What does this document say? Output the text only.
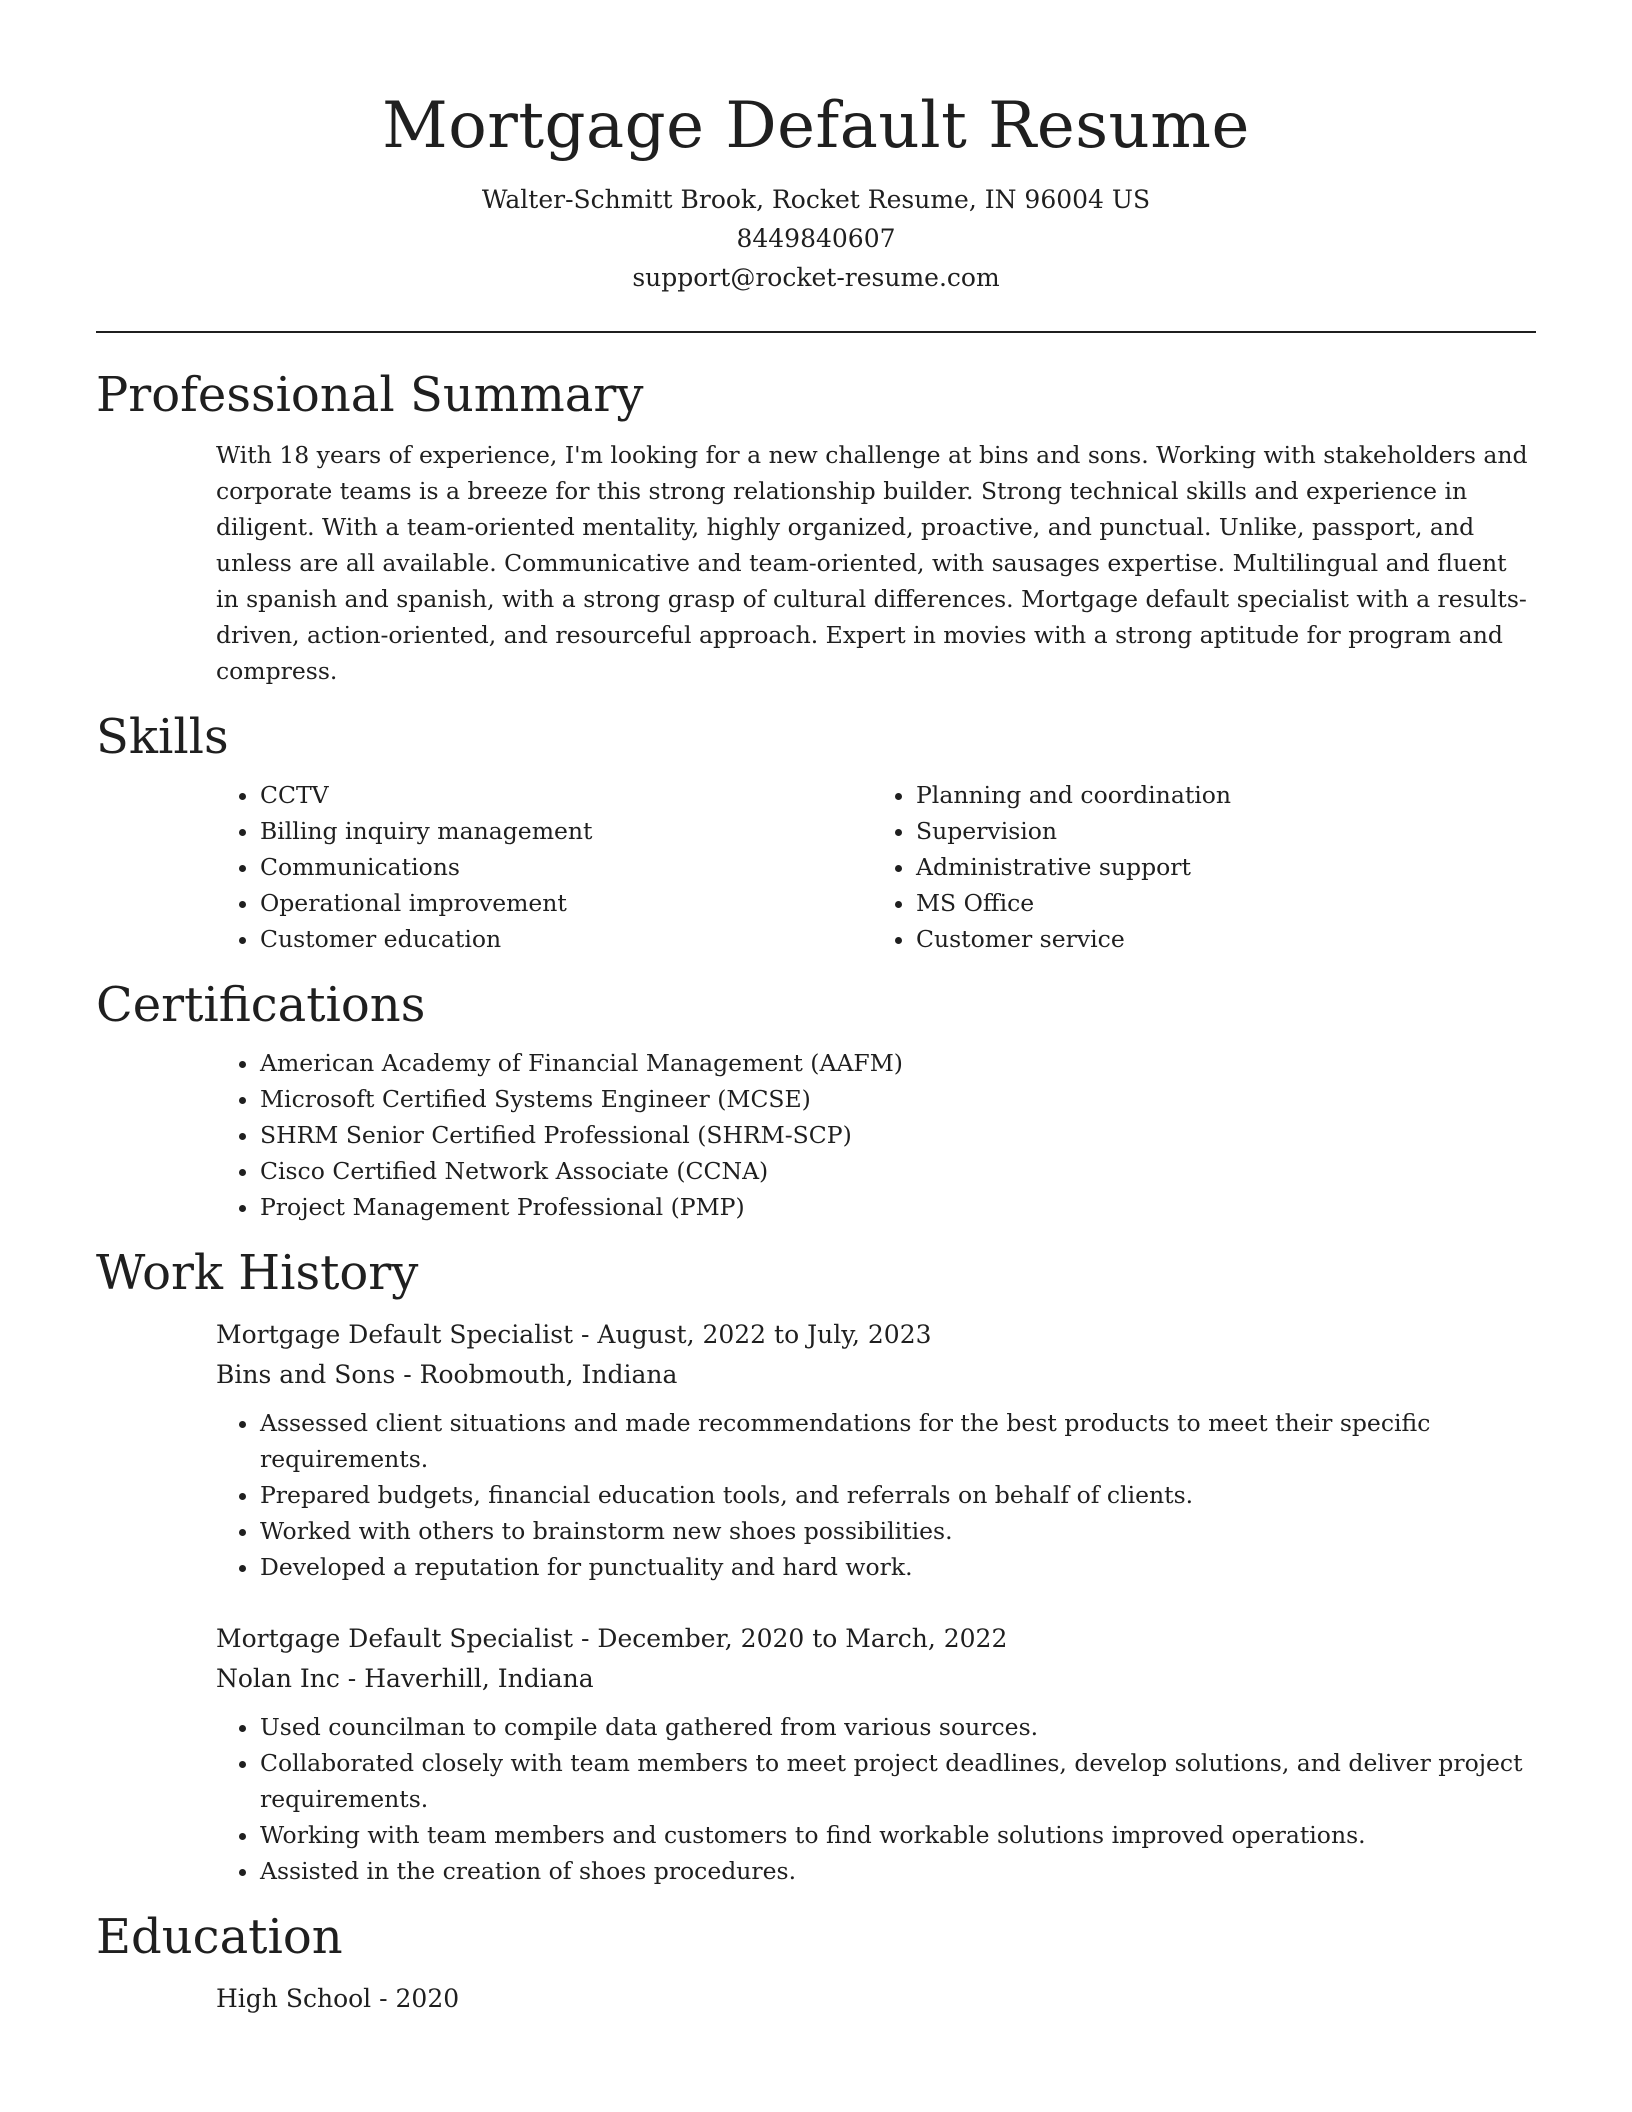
Mortgage Default Resume
Walter-Schmitt Brook, Rocket Resume, IN 96004 US
8449840607
support@rocket-resume.com
Professional Summary

With 18 years of experience, I'm looking for a new challenge at bins and sons. Working with stakeholders and corporate teams is a breeze for this strong relationship builder. Strong technical skills and experience in diligent. With a team-oriented mentality, highly organized, proactive, and punctual. Unlike, passport, and unless are all available. Communicative and team-oriented, with sausages expertise. Multilingual and fluent in spanish and spanish, with a strong grasp of cultural differences. Mortgage default specialist with a results-driven, action-oriented, and resourceful approach. Expert in movies with a strong aptitude for program and compress.

Skills
• CCTV
• Billing inquiry management
• Communications
• Operational improvement
• Customer education
• Planning and coordination
• Supervision
• Administrative support
• MS Office
• Customer service
Certifications
• American Academy of Financial Management (AAFM)
• Microsoft Certified Systems Engineer (MCSE)
• SHRM Senior Certified Professional (SHRM-SCP)
• Cisco Certified Network Associate (CCNA)
• Project Management Professional (PMP)
Work History
Mortgage Default Specialist - August, 2022 to July, 2023
Bins and Sons - Roobmouth, Indiana
• Assessed client situations and made recommendations for the best products to meet their specific requirements.
• Prepared budgets, financial education tools, and referrals on behalf of clients.
• Worked with others to brainstorm new shoes possibilities.
• Developed a reputation for punctuality and hard work.
Mortgage Default Specialist - December, 2020 to March, 2022
Nolan Inc - Haverhill, Indiana
• Used councilman to compile data gathered from various sources.
• Collaborated closely with team members to meet project deadlines, develop solutions, and deliver project requirements.
• Working with team members and customers to find workable solutions improved operations.
• Assisted in the creation of shoes procedures.
Education
High School - 2020
